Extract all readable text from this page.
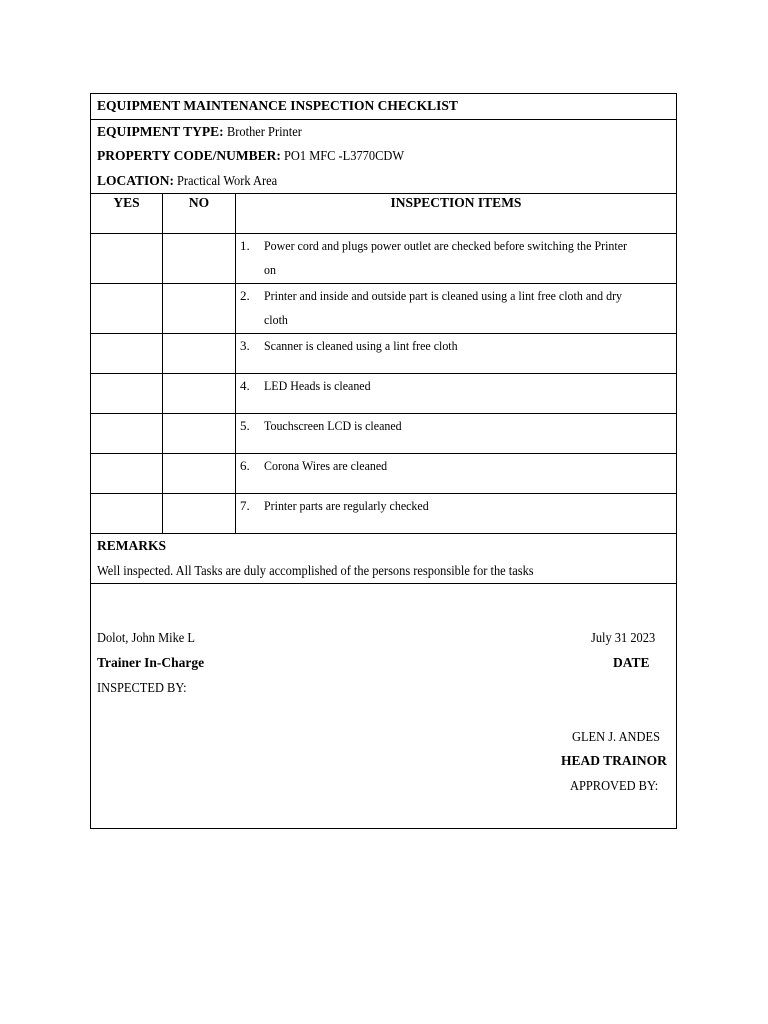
EQUIPMENT MAINTENANCE INSPECTION CHECKLIST
EQUIPMENT TYPE: Brother Printer
PROPERTY CODE/NUMBER: PO1 MFC -L3770CDW
LOCATION: Practical Work Area
YES	NO	INSPECTION ITEMS
1. Power cord and plugs power outlet are checked before switching the Printer on
2. Printer and inside and outside part is cleaned using a lint free cloth and dry cloth
3. Scanner is cleaned using a lint free cloth
4. LED Heads is cleaned
5. Touchscreen LCD is cleaned
6. Corona Wires are cleaned
7. Printer parts are regularly checked
REMARKS
Well inspected. All Tasks are duly accomplished of the persons responsible for the tasks
Dolot, John Mike L
Trainer In-Charge
INSPECTED BY:
July 31 2023
DATE
GLEN J. ANDES
HEAD TRAINOR
APPROVED BY:
